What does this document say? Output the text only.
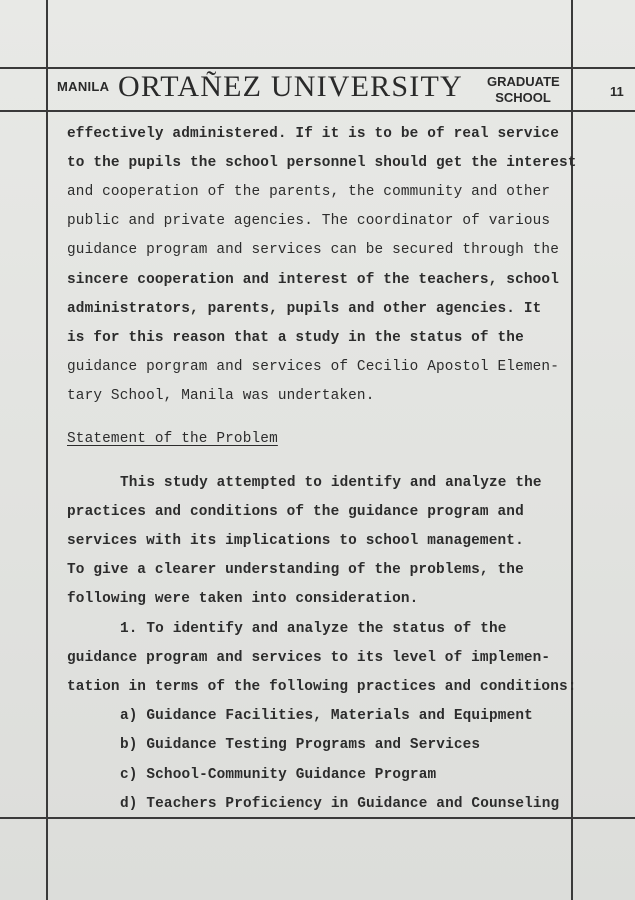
MANILA ORTAÑEZ UNIVERSITY GRADUATE
SCHOOL	11
effectively administered. If it is to be of real service
to the pupils the school personnel should get the interest
and cooperation of the parents, the community and other
public and private agencies. The coordinator of various
guidance program and services can be secured through the
sincere cooperation and interest of the teachers, school
administrators, parents, pupils and other agencies. It
is for this reason that a study in the status of the
guidance porgram and services of Cecilio Apostol Elemen-
tary School, Manila was undertaken.
Statement of the Problem
This study attempted to identify and analyze the
practices and conditions of the guidance program and
services with its implications to school management.
To give a clearer understanding of the problems, the
following were taken into consideration.
1. To identify and analyze the status of the
guidance program and services to its level of implemen-
tation in terms of the following practices and conditions:
a) Guidance Facilities, Materials and Equipment
b) Guidance Testing Programs and Services
c) School-Community Guidance Program
d) Teachers Proficiency in Guidance and Counseling
